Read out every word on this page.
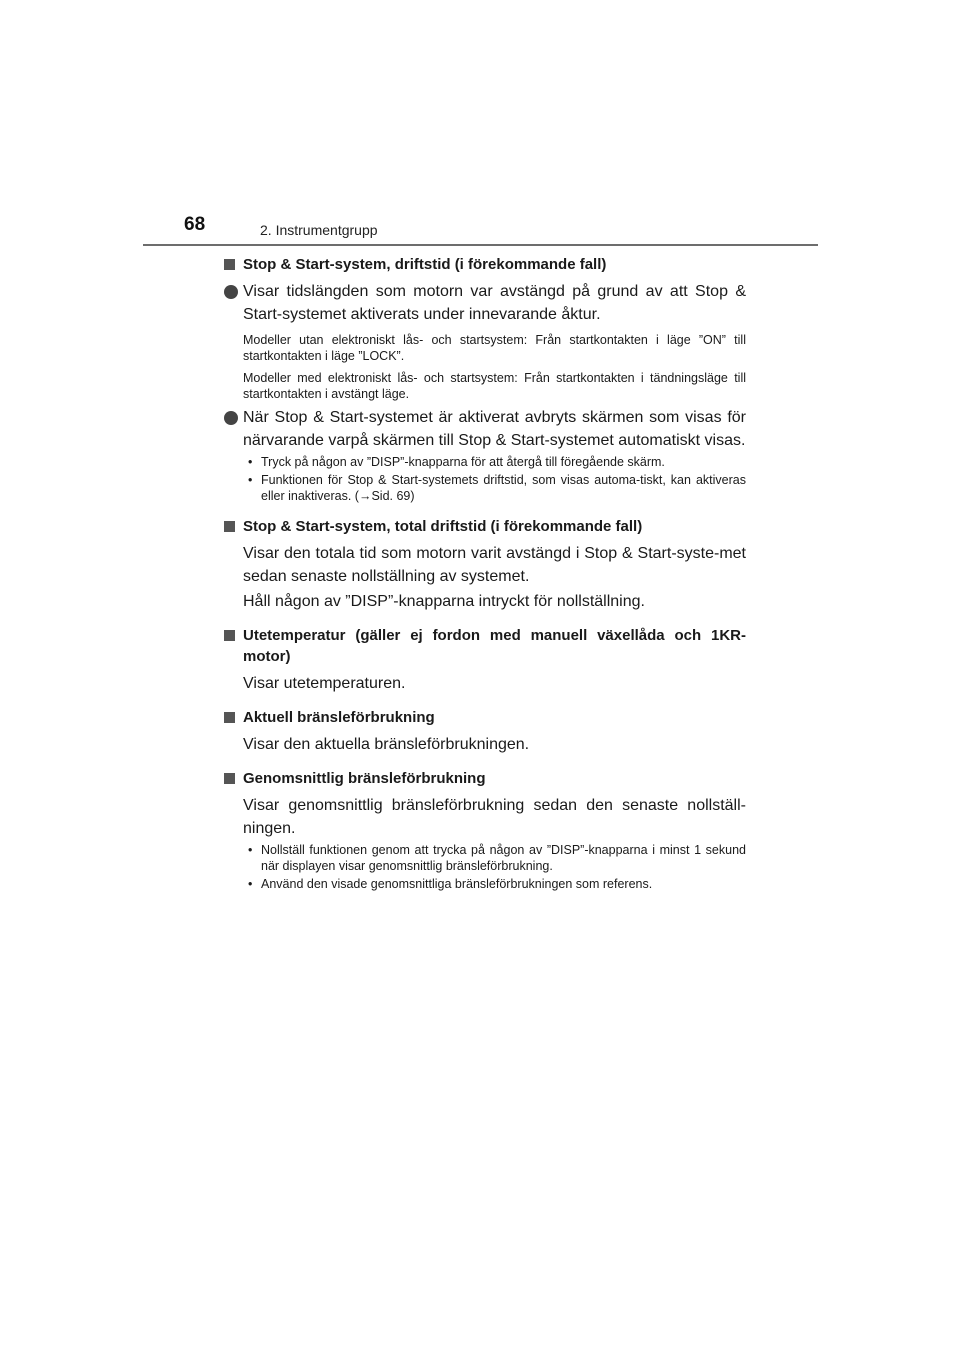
68	2. Instrumentgrupp
Stop & Start-system, driftstid (i förekommande fall)
Visar tidslängden som motorn var avstängd på grund av att Stop & Start-systemet aktiverats under innevarande åktur.
Modeller utan elektroniskt lås- och startsystem: Från startkontakten i läge ”ON” till startkontakten i läge ”LOCK”.
Modeller med elektroniskt lås- och startsystem: Från startkontakten i tändningsläge till startkontakten i avstängt läge.
När Stop & Start-systemet är aktiverat avbryts skärmen som visas för närvarande varpå skärmen till Stop & Start-systemet automatiskt visas.
• Tryck på någon av ”DISP”-knapparna för att återgå till föregående skärm.
• Funktionen för Stop & Start-systemets driftstid, som visas automa-tiskt, kan aktiveras eller inaktiveras. (→Sid. 69)
Stop & Start-system, total driftstid (i förekommande fall)
Visar den totala tid som motorn varit avstängd i Stop & Start-syste-met sedan senaste nollställning av systemet.
Håll någon av ”DISP”-knapparna intryckt för nollställning.
Utetemperatur (gäller ej fordon med manuell växellåda och 1KR-motor)
Visar utetemperaturen.
Aktuell bränsleförbrukning
Visar den aktuella bränsleförbrukningen.
Genomsnittlig bränsleförbrukning
Visar genomsnittlig bränsleförbrukning sedan den senaste nollställ-ningen.
• Nollställ funktionen genom att trycka på någon av ”DISP”-knapparna i minst 1 sekund när displayen visar genomsnittlig bränsleförbrukning.
• Använd den visade genomsnittliga bränsleförbrukningen som referens.
